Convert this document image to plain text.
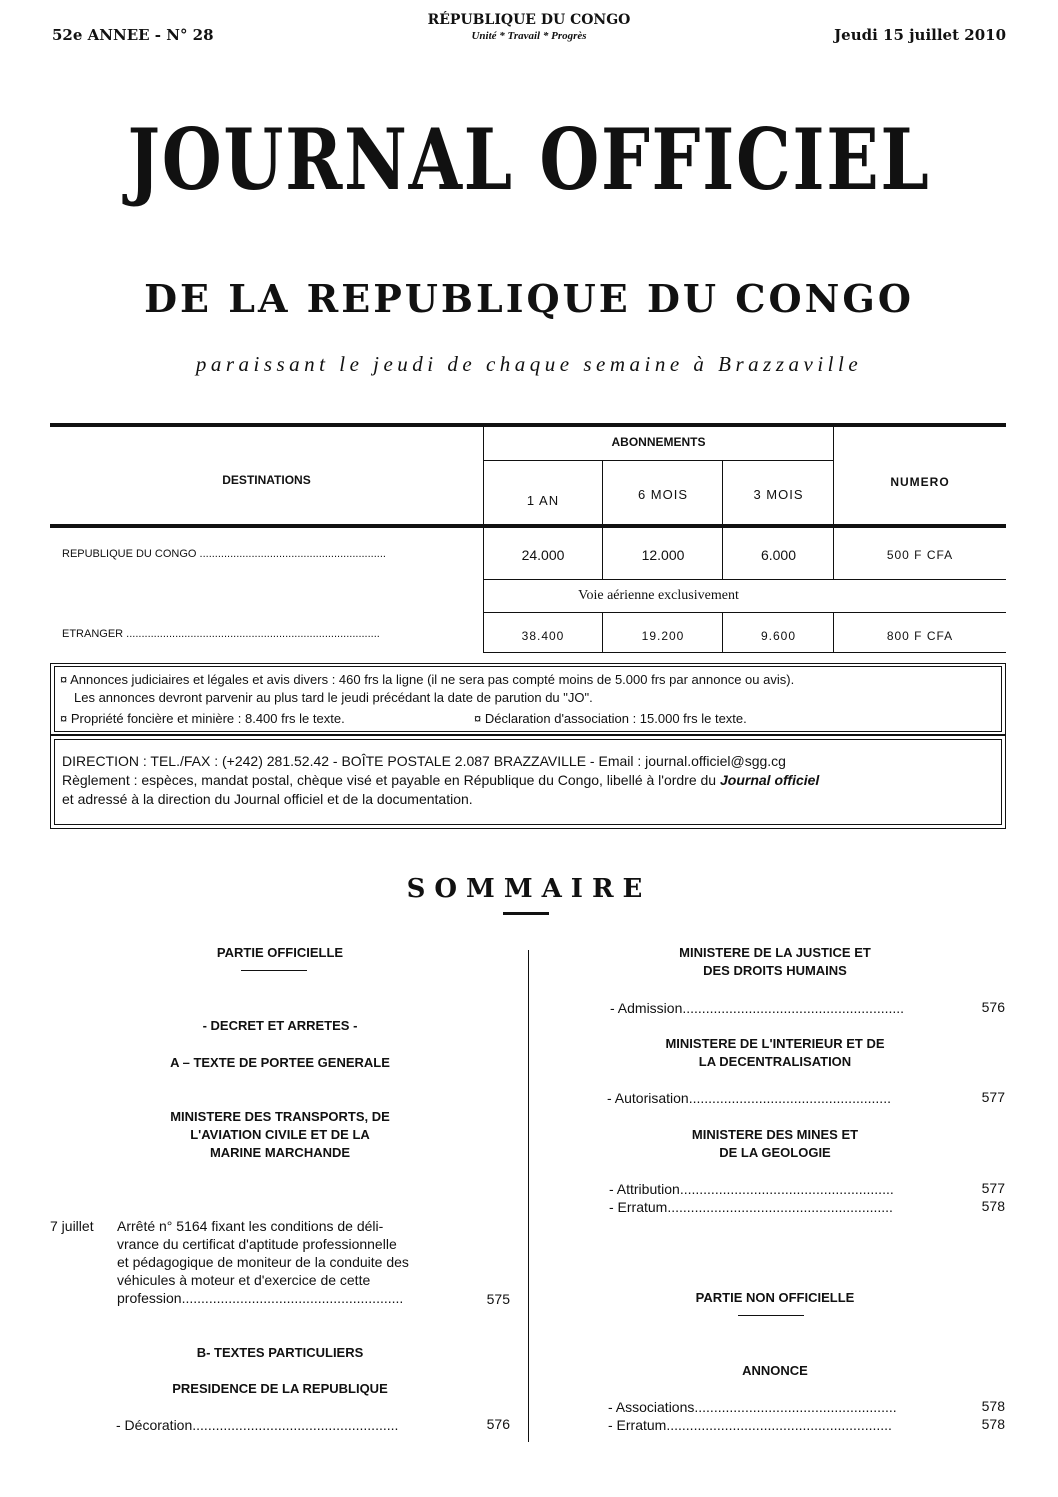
52e ANNEE - N° 28
RÉPUBLIQUE DU CONGO
Unité * Travail * Progrès	Jeudi 15 juillet 2010
JOURNAL OFFICIEL
DE LA REPUBLIQUE DU CONGO
paraissant le jeudi de chaque semaine à Brazzaville
DESTINATIONS
ABONNEMENTS
NUMERO
1 AN	6 MOIS	3 MOIS
REPUBLIQUE DU CONGO .............................................................	24.000	12.000	6.000	500 F CFA
Voie aérienne exclusivement
ETRANGER ...................................................................................	38.400	19.200	9.600	800 F CFA
¤ Annonces judiciaires et légales et avis divers : 460 frs la ligne (il ne sera pas compté moins de 5.000 frs par annonce ou avis).
Les annonces devront parvenir au plus tard le jeudi précédant la date de parution du "JO".
¤ Propriété foncière et minière : 8.400 frs le texte.	¤ Déclaration d'association : 15.000 frs le texte.
DIRECTION : TEL./FAX : (+242) 281.52.42 - BOÎTE POSTALE 2.087 BRAZZAVILLE - Email : journal.officiel@sgg.cg
Règlement : espèces, mandat postal, chèque visé et payable en République du Congo, libellé à l'ordre du Journal officiel
et adressé à la direction du Journal officiel et de la documentation.
SOMMAIRE
PARTIE OFFICIELLE
- DECRET ET ARRETES -
A – TEXTE DE PORTEE GENERALE
MINISTERE DES TRANSPORTS, DE
L'AVIATION CIVILE ET DE LA
MARINE MARCHANDE
7 juillet Arrêté n° 5164 fixant les conditions de déli-
vrance du certificat d'aptitude professionnelle
et pédagogique de moniteur de la conduite des
véhicules à moteur et d'exercice de cette
profession.........................................................	575
B- TEXTES PARTICULIERS
PRESIDENCE DE LA REPUBLIQUE
- Décoration.....................................................	576
MINISTERE DE LA JUSTICE ET
DES DROITS HUMAINS
- Admission.........................................................	576
MINISTERE DE L'INTERIEUR ET DE
LA DECENTRALISATION
- Autorisation....................................................	577
MINISTERE DES MINES ET
DE LA GEOLOGIE
- Attribution.......................................................	577
- Erratum..........................................................	578
PARTIE NON OFFICIELLE
ANNONCE
- Associations....................................................	578
- Erratum..........................................................	578
